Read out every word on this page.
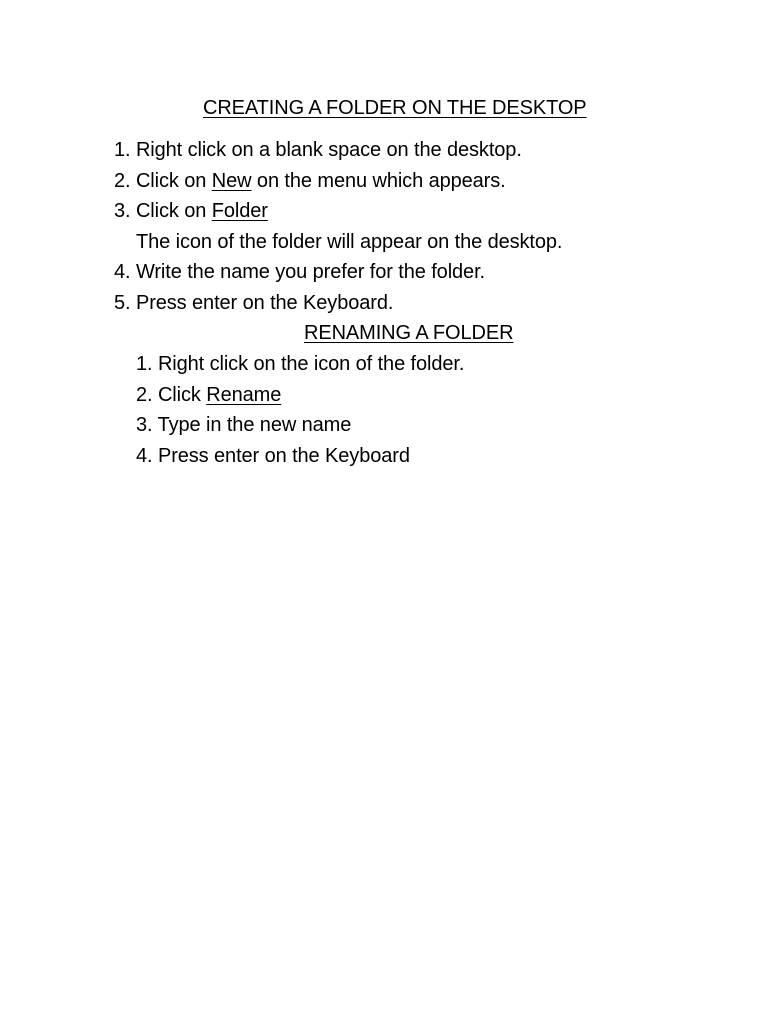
CREATING A FOLDER ON THE DESKTOP
1. Right click on a blank space on the desktop.
2. Click on New on the menu which appears.
3. Click on Folder
The icon of the folder will appear on the desktop.
4. Write the name you prefer for the folder.
5. Press enter on the Keyboard.
RENAMING A FOLDER
1. Right click on the icon of the folder.
2. Click Rename
3. Type in the new name
4. Press enter on the Keyboard
